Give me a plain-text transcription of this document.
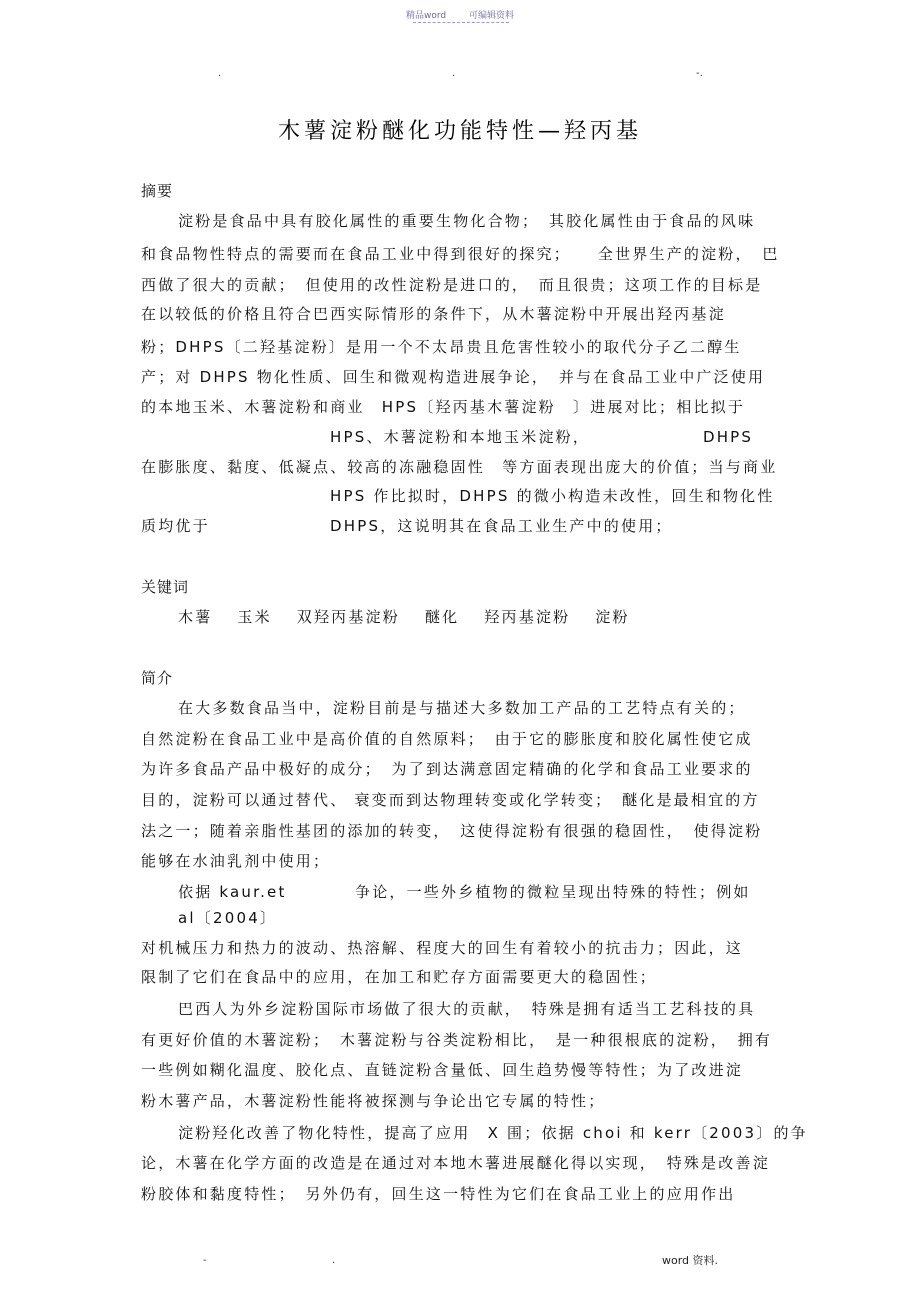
精品word	可编辑资料
.	.	-.
木薯淀粉醚化功能特性—羟丙基
摘要
淀粉是食品中具有胶化属性的重要生物化合物；　其胶化属性由于食品的风味
和食品物性特点的需要而在食品工业中得到很好的探究；　　全世界生产的淀粉，　巴
西做了很大的贡献；　但使用的改性淀粉是进口的，　而且很贵；这项工作的目标是
在以较低的价格且符合巴西实际情形的条件下，从木薯淀粉中开展出羟丙基淀
粉；DHPS〔二羟基淀粉〕是用一个不太昂贵且危害性较小的取代分子乙二醇生
产；对 DHPS 物化性质、回生和微观构造进展争论，　并与在食品工业中广泛使用
的本地玉米、木薯淀粉和商业　HPS〔羟丙基木薯淀粉　〕进展对比；相比拟于
HPS、木薯淀粉和本地玉米淀粉，　　　　　　　DHPS
在膨胀度、黏度、低凝点、较高的冻融稳固性　等方面表现出庞大的价值；当与商业
HPS 作比拟时，DHPS 的微小构造未改性，回生和物化性
质均优于	DHPS，这说明其在食品工业生产中的使用；
关键词
木薯 玉米 双羟丙基淀粉 醚化 羟丙基淀粉 淀粉
简介
在大多数食品当中，淀粉目前是与描述大多数加工产品的工艺特点有关的；
自然淀粉在食品工业中是高价值的自然原料；　由于它的膨胀度和胶化属性使它成
为许多食品产品中极好的成分；　为了到达满意固定精确的化学和食品工业要求的
目的，淀粉可以通过替代、 衰变而到达物理转变或化学转变；　醚化是最相宜的方
法之一；随着亲脂性基团的添加的转变，　这使得淀粉有很强的稳固性，　使得淀粉
能够在水油乳剂中使用；
依据 kaur.et	争论，一些外乡植物的微粒呈现出特殊的特性；例如
al〔2004〕
对机械压力和热力的波动、热溶解、程度大的回生有着较小的抗击力；因此，这
限制了它们在食品中的应用，在加工和贮存方面需要更大的稳固性；
巴西人为外乡淀粉国际市场做了很大的贡献，　特殊是拥有适当工艺科技的具
有更好价值的木薯淀粉；　木薯淀粉与谷类淀粉相比，　是一种很根底的淀粉，　拥有
一些例如糊化温度、胶化点、直链淀粉含量低、回生趋势慢等特性；为了改进淀
粉木薯产品，木薯淀粉性能将被探测与争论出它专属的特性；
淀粉羟化改善了物化特性，提高了应用　X 围；依据 choi 和 kerr〔2003〕的争
论，木薯在化学方面的改造是在通过对本地木薯进展醚化得以实现，　特殊是改善淀
粉胶体和黏度特性；　另外仍有，回生这一特性为它们在食品工业上的应用作出
-	.	word 资料.
